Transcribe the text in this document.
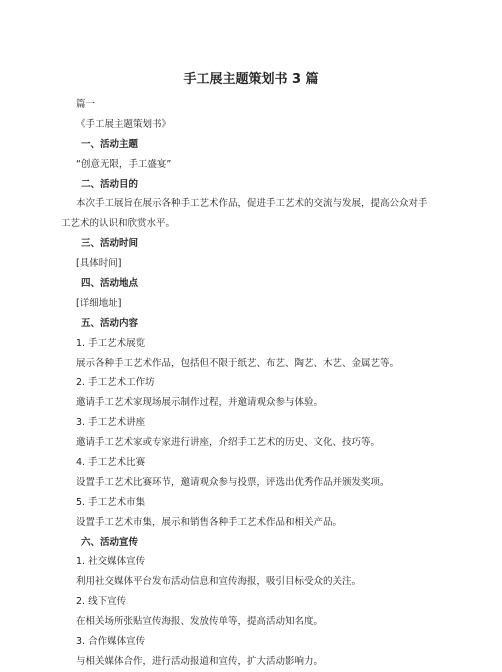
手工展主题策划书 3 篇
篇一
《手工展主题策划书》
一、活动主题
“创意无限，手工盛宴”
二、活动目的
本次手工展旨在展示各种手工艺术作品，促进手工艺术的交流与发展，提高公众对手
工艺术的认识和欣赏水平。
三、活动时间
[具体时间]
四、活动地点
[详细地址]
五、活动内容
1. 手工艺术展览
展示各种手工艺术作品，包括但不限于纸艺、布艺、陶艺、木艺、金属艺等。
2. 手工艺术工作坊
邀请手工艺术家现场展示制作过程，并邀请观众参与体验。
3. 手工艺术讲座
邀请手工艺术家或专家进行讲座，介绍手工艺术的历史、文化、技巧等。
4. 手工艺术比赛
设置手工艺术比赛环节，邀请观众参与投票，评选出优秀作品并颁发奖项。
5. 手工艺术市集
设置手工艺术市集，展示和销售各种手工艺术作品和相关产品。
六、活动宣传
1. 社交媒体宣传
利用社交媒体平台发布活动信息和宣传海报，吸引目标受众的关注。
2. 线下宣传
在相关场所张贴宣传海报、发放传单等，提高活动知名度。
3. 合作媒体宣传
与相关媒体合作，进行活动报道和宣传，扩大活动影响力。
